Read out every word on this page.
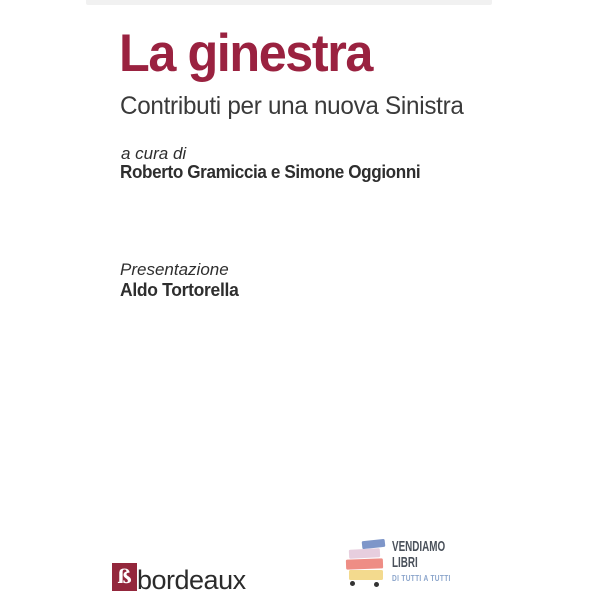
La ginestra
Contributi per una nuova Sinistra
a cura di
Roberto Gramiccia e Simone Oggionni
Presentazione
Aldo Tortorella
ß bordeaux
VENDIAMO
LIBRI
DI TUTTI A TUTTI
